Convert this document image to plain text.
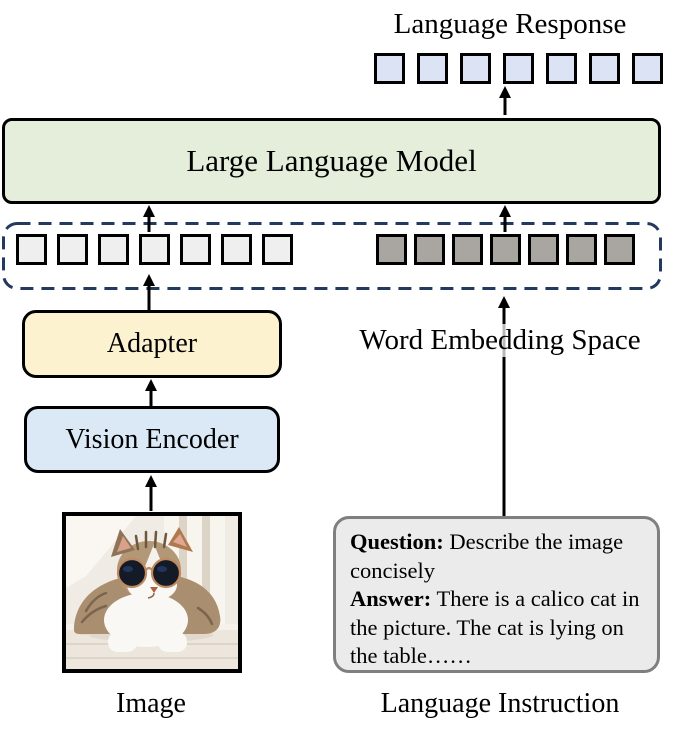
Language Response
Large Language Model
Adapter	Word Embedding Space
Vision Encoder
Question: Describe the image concisely
Answer: There is a calico cat in the picture. The cat is lying on the table……
Image	Language Instruction
